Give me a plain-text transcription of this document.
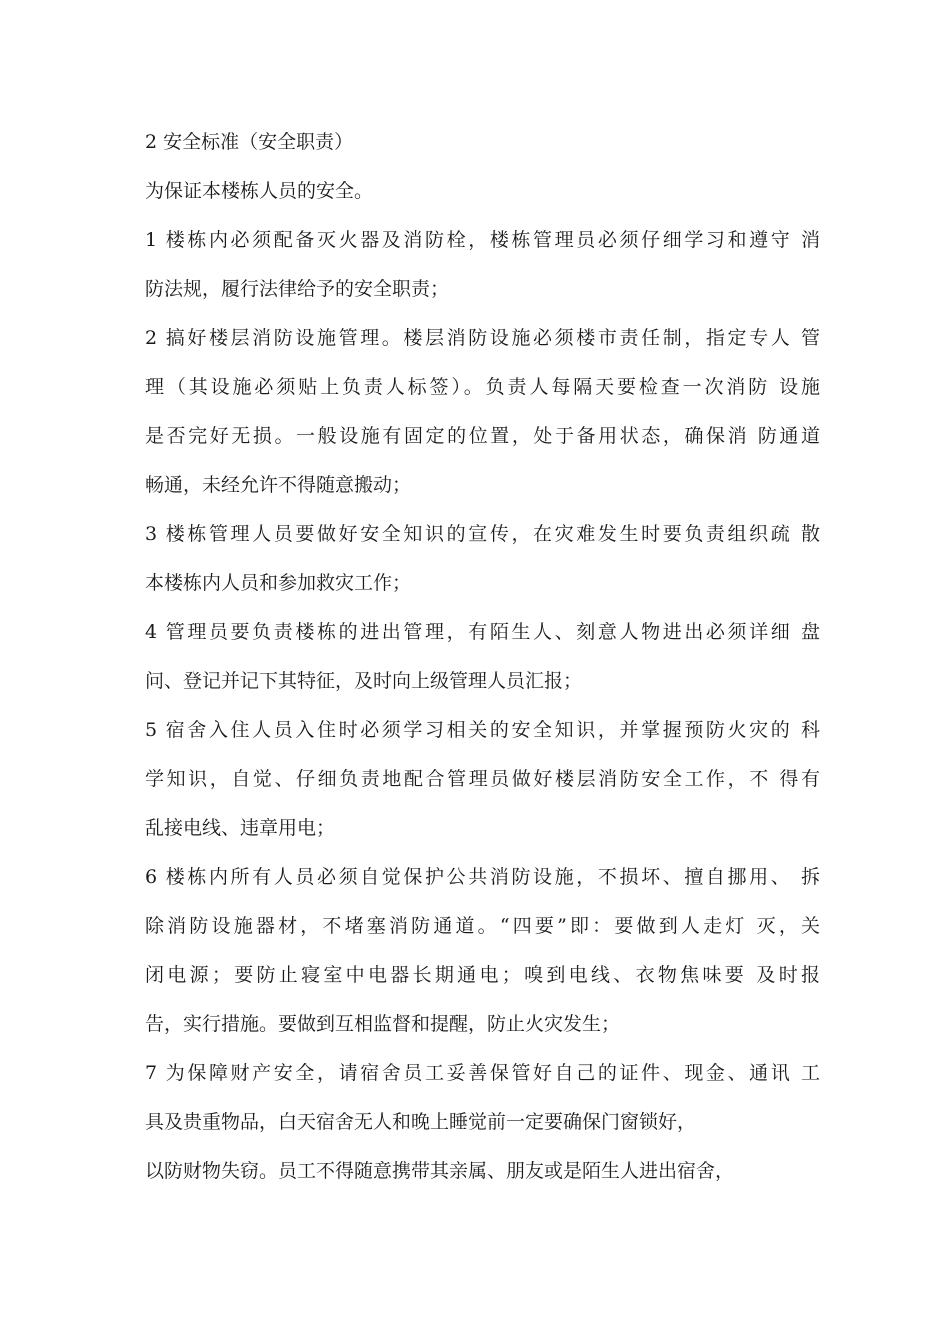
2 安全标准（安全职责）
为保证本楼栋人员的安全。
1 楼栋内必须配备灭火器及消防栓，楼栋管理员必须仔细学习和遵守 消
防法规，履行法律给予的安全职责；
2 搞好楼层消防设施管理。楼层消防设施必须楼市责任制，指定专人 管
理（其设施必须贴上负责人标签）。负责人每隔天要检查一次消防 设施
是否完好无损。一般设施有固定的位置，处于备用状态，确保消 防通道
畅通，未经允许不得随意搬动；
3 楼栋管理人员要做好安全知识的宣传，在灾难发生时要负责组织疏 散
本楼栋内人员和参加救灾工作；
4 管理员要负责楼栋的进出管理，有陌生人、刻意人物进出必须详细 盘
问、登记并记下其特征，及时向上级管理人员汇报；
5 宿舍入住人员入住时必须学习相关的安全知识，并掌握预防火灾的 科
学知识，自觉、仔细负责地配合管理员做好楼层消防安全工作，不 得有
乱接电线、违章用电；
6 楼栋内所有人员必须自觉保护公共消防设施，不损坏、擅自挪用、 拆
除消防设施器材，不堵塞消防通道。“四要”即：要做到人走灯 灭，关
闭电源；要防止寝室中电器长期通电；嗅到电线、衣物焦味要 及时报
告，实行措施。要做到互相监督和提醒，防止火灾发生；
7 为保障财产安全，请宿舍员工妥善保管好自己的证件、现金、通讯 工
具及贵重物品，白天宿舍无人和晚上睡觉前一定要确保门窗锁好，
以防财物失窃。员工不得随意携带其亲属、朋友或是陌生人进出宿舍，
